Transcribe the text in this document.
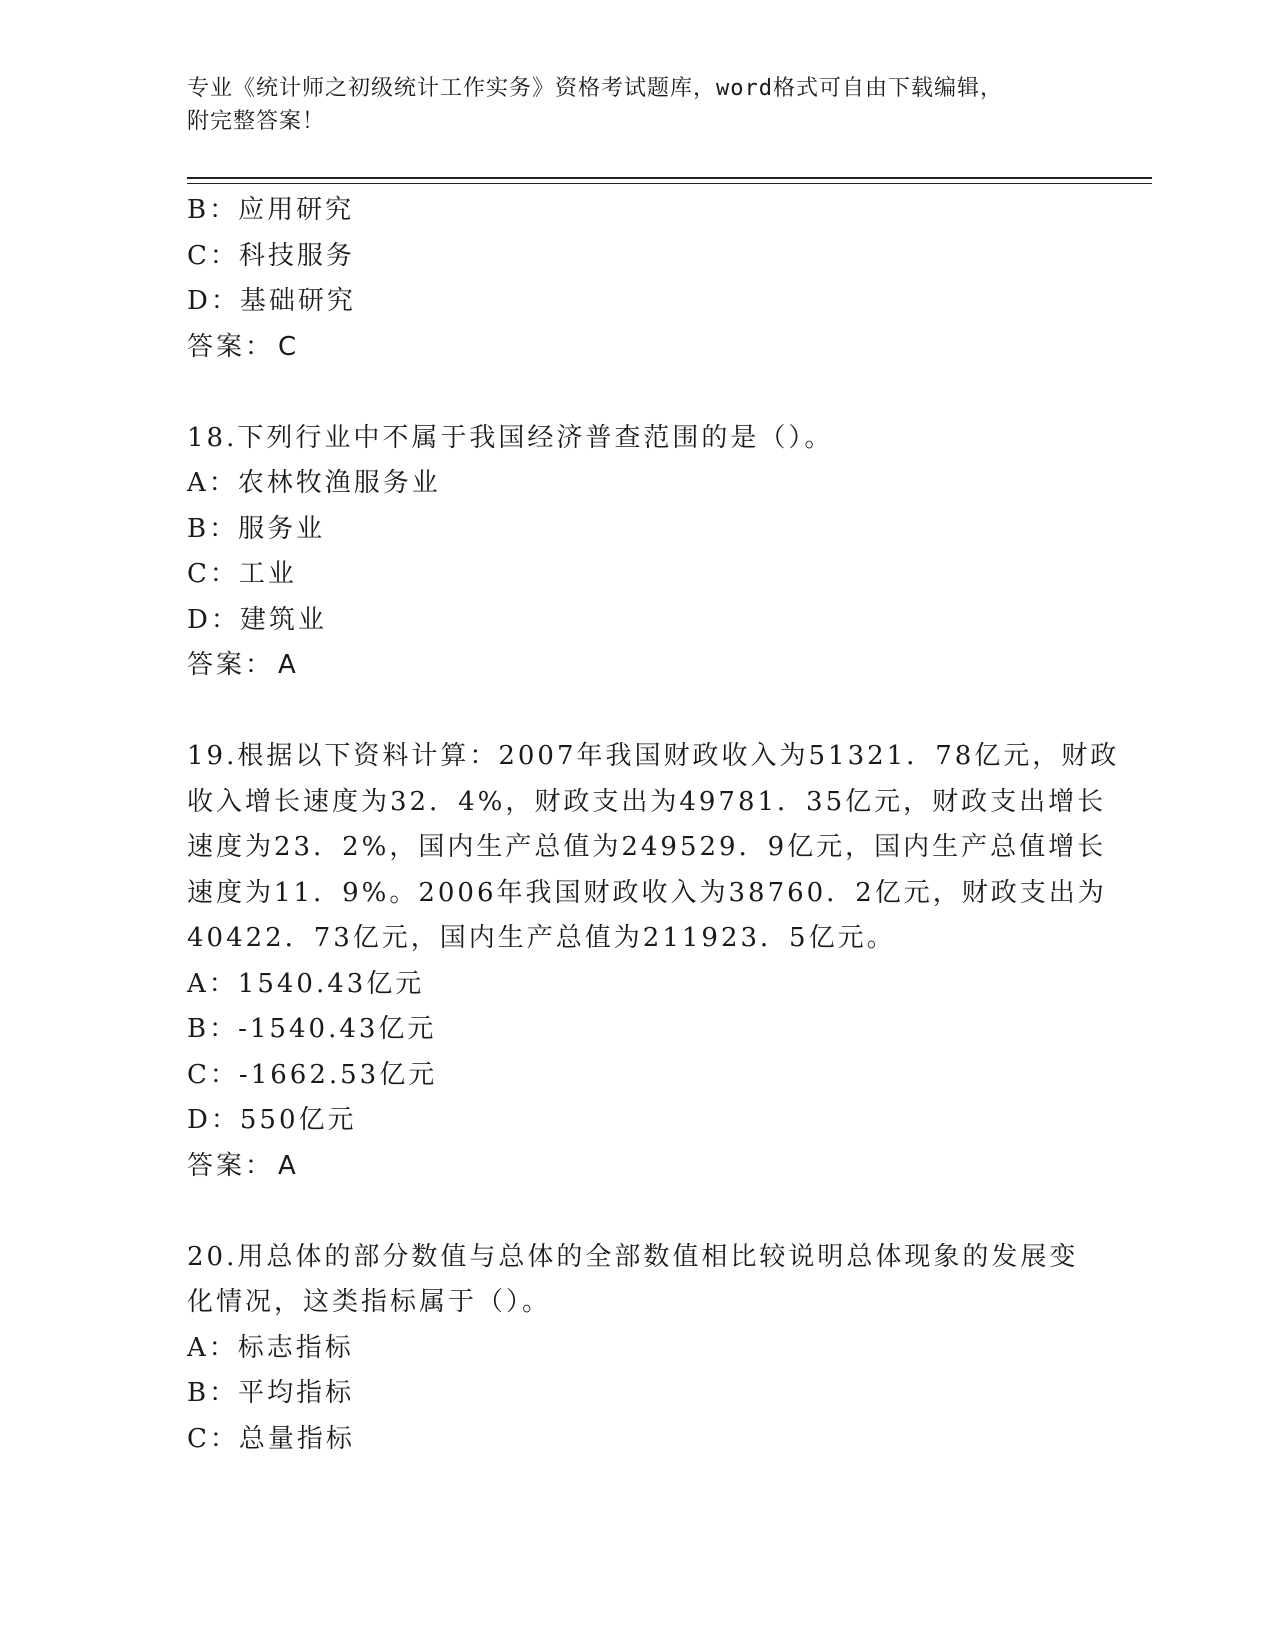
专业《统计师之初级统计工作实务》资格考试题库，word格式可自由下载编辑，
附完整答案！
B：应用研究
C：科技服务
D：基础研究
答案： C
18.下列行业中不属于我国经济普查范围的是（）。
A：农林牧渔服务业
B：服务业
C：工业
D：建筑业
答案： A
19.根据以下资料计算：2007年我国财政收入为51321．78亿元，财政
收入增长速度为32．4%，财政支出为49781．35亿元，财政支出增长
速度为23．2%，国内生产总值为249529．9亿元，国内生产总值增长
速度为11．9%。2006年我国财政收入为38760．2亿元，财政支出为
40422．73亿元，国内生产总值为211923．5亿元。
A：1540.43亿元
B：-1540.43亿元
C：-1662.53亿元
D：550亿元
答案： A
20.用总体的部分数值与总体的全部数值相比较说明总体现象的发展变
化情况，这类指标属于（）。
A：标志指标
B：平均指标
C：总量指标
